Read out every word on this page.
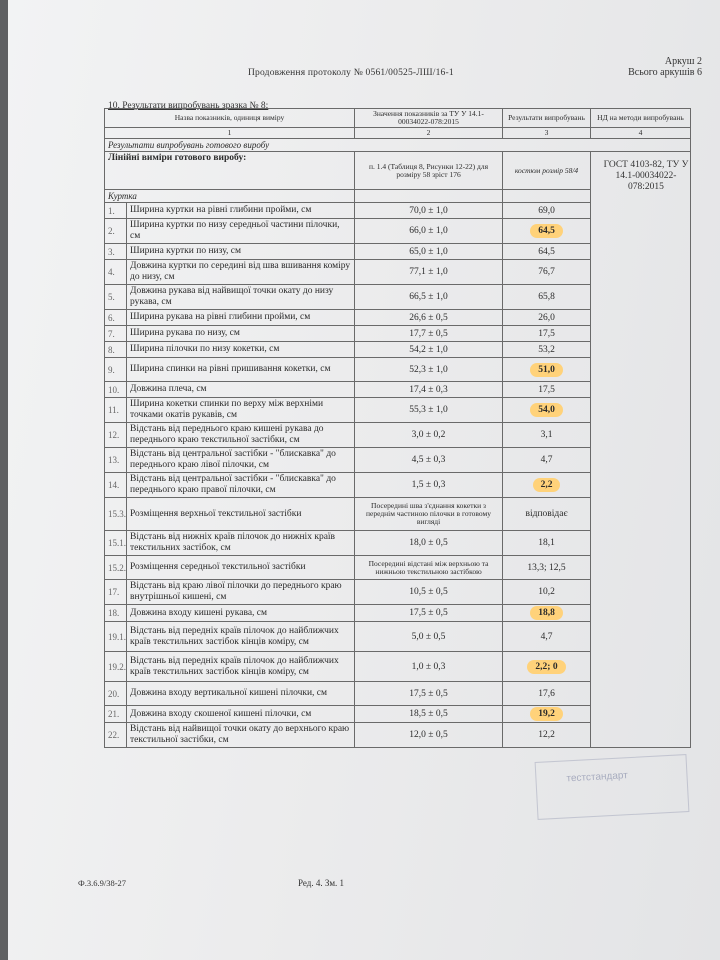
Аркуш 2
Всього аркушів 6
Продовження протоколу № 0561/00525-ЛШ/16-1
10. Результати випробувань зразка № 8:
Назва показників, одиниця виміру		Значення показників за ТУ У 14.1-00034022-078:2015	Результати випробувань	НД на методи випробувань
1		2	3	4
Результати випробувань готового виробу				
Лінійні виміри готового виробу:		п. 1.4 (Таблиця 8, Рисунки 12-22) для розміру 58 зріст 176	костюм розмір 58/4	
Куртка				
1.	Ширина куртки на рівні глибини пройми, см	70,0 ± 1,0	69,0	
2.	Ширина куртки по низу середньої частини пілочки, см	66,0 ± 1,0	64,5	
3.	Ширина куртки по низу, см	65,0 ± 1,0	64,5	
4.	Довжина куртки по середині від шва вшивання коміру до низу, см	77,1 ± 1,0	76,7	
5.	Довжина рукава від найвищої точки окату до низу рукава, см	66,5 ± 1,0	65,8	
6.	Ширина рукава на рівні глибини пройми, см	26,6 ± 0,5	26,0	
7.	Ширина рукава по низу, см	17,7 ± 0,5	17,5	
8.	Ширина пілочки по низу кокетки, см	54,2 ± 1,0	53,2	
9.	Ширина спинки на рівні пришивання кокетки, см	52,3 ± 1,0	51,0	
10.	Довжина плеча, см	17,4 ± 0,3	17,5	
11.	Ширина кокетки спинки по верху між верхніми точками окатів рукавів, см	55,3 ± 1,0	54,0	
12.	Відстань від переднього краю кишені рукава до переднього краю текстильної застібки, см	3,0 ± 0,2	3,1	
13.	Відстань від центральної застібки - "блискавка" до переднього краю лівої пілочки, см	4,5 ± 0,3	4,7	
14.	Відстань від центральної застібки - "блискавка" до переднього краю правої пілочки, см	1,5 ± 0,3	2,2	
15.3.	Розміщення верхньої текстильної застібки	Посередині шва з'єднання кокетки з переднім частиною пілочки в готовому вигляді	відповідає	
15.1.	Відстань від нижніх країв пілочок до нижніх країв текстильних застібок, см	18,0 ± 0,5	18,1	
15.2.	Розміщення середньої текстильної застібки	Посередині відстані між верхньою та нижньою текстильною застібкою	13,3; 12,5	
17.	Відстань від краю лівої пілочки до переднього краю внутрішньої кишені, см	10,5 ± 0,5	10,2	
18.	Довжина входу кишені рукава, см	17,5 ± 0,5	18,8	
19.1.	Відстань від передніх країв пілочок до найближчих країв текстильних застібок кінців коміру, см	5,0 ± 0,5	4,7	
19.2.	Відстань від передніх країв пілочок до найближчих країв текстильних застібок кінців коміру, см	1,0 ± 0,3	2,2; 0	
20.	Довжина входу вертикальної кишені пілочки, см	17,5 ± 0,5	17,6	
21.	Довжина входу скошеної кишені пілочки, см	18,5 ± 0,5	19,2	
22.	Відстань від найвищої точки окату до верхнього краю текстильної застібки, см	12,0 ± 0,5	12,2	
ГОСТ 4103-82, ТУ У 14.1-00034022-078:2015
тестстандарт
Ф.3.6.9/38-27	Ред. 4. Зм. 1
